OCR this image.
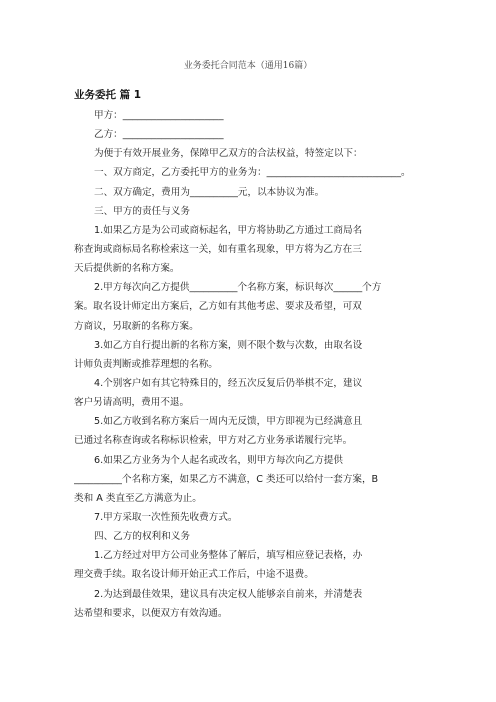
业务委托合同范本（通用16篇）
业务委托 篇 1
甲方：_____________________
乙方：_____________________
为便于有效开展业务，保障甲乙双方的合法权益，特签定以下：
一、双方商定，乙方委托甲方的业务为：____________________________。
二、双方确定，费用为__________元，以本协议为准。
三、甲方的责任与义务
1.如果乙方是为公司或商标起名，甲方将协助乙方通过工商局名
称查询或商标局名称检索这一关，如有重名现象，甲方将为乙方在三
天后提供新的名称方案。
2.甲方每次向乙方提供__________个名称方案，标识每次______个方
案。取名设计师定出方案后，乙方如有其他考虑、要求及希望，可双
方商议，另取新的名称方案。
3.如乙方自行提出新的名称方案，则不限个数与次数，由取名设
计师负责判断或推荐理想的名称。
4.个别客户如有其它特殊目的，经五次反复后仍举棋不定，建议
客户另请高明，费用不退。
5.如乙方收到名称方案后一周内无反馈，甲方即视为已经满意且
已通过名称查询或名称标识检索，甲方对乙方业务承诺履行完毕。
6.如果乙方业务为个人起名或改名，则甲方每次向乙方提供
__________个名称方案，如果乙方不满意，C 类还可以给付一套方案，B
类和 A 类直至乙方满意为止。
7.甲方采取一次性预先收费方式。
四、乙方的权利和义务
1.乙方经过对甲方公司业务整体了解后，填写相应登记表格，办
理交费手续。取名设计师开始正式工作后，中途不退费。
2.为达到最佳效果，建议具有决定权人能够亲自前来，并清楚表
达希望和要求，以便双方有效沟通。
